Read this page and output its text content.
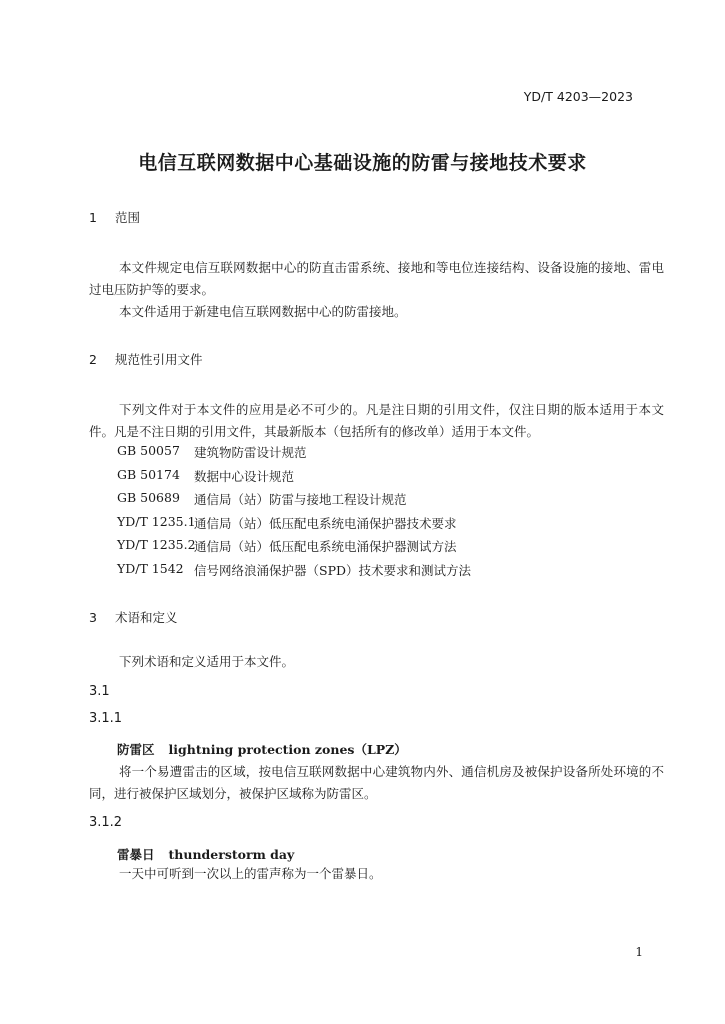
YD/T 4203—2023
电信互联网数据中心基础设施的防雷与接地技术要求
1 范围
本文件规定电信互联网数据中心的防直击雷系统、接地和等电位连接结构、设备设施的接地、雷电过电压防护等的要求。
本文件适用于新建电信互联网数据中心的防雷接地。
2 规范性引用文件
下列文件对于本文件的应用是必不可少的。凡是注日期的引用文件，仅注日期的版本适用于本文件。凡是不注日期的引用文件，其最新版本（包括所有的修改单）适用于本文件。
GB 50057 建筑物防雷设计规范
GB 50174 数据中心设计规范
GB 50689 通信局（站）防雷与接地工程设计规范
YD/T 1235.1
通信局（站）低压配电系统电涌保护器技术要求
YD/T 1235.2
通信局（站）低压配电系统电涌保护器测试方法
YD/T 1542 信号网络浪涌保护器（SPD）技术要求和测试方法
3 术语和定义
下列术语和定义适用于本文件。
3.1
3.1.1
防雷区 lightning protection zones（LPZ）
将一个易遭雷击的区域，按电信互联网数据中心建筑物内外、通信机房及被保护设备所处环境的不同，进行被保护区域划分，被保护区域称为防雷区。
3.1.2
雷暴日 thunderstorm day
一天中可听到一次以上的雷声称为一个雷暴日。
1
